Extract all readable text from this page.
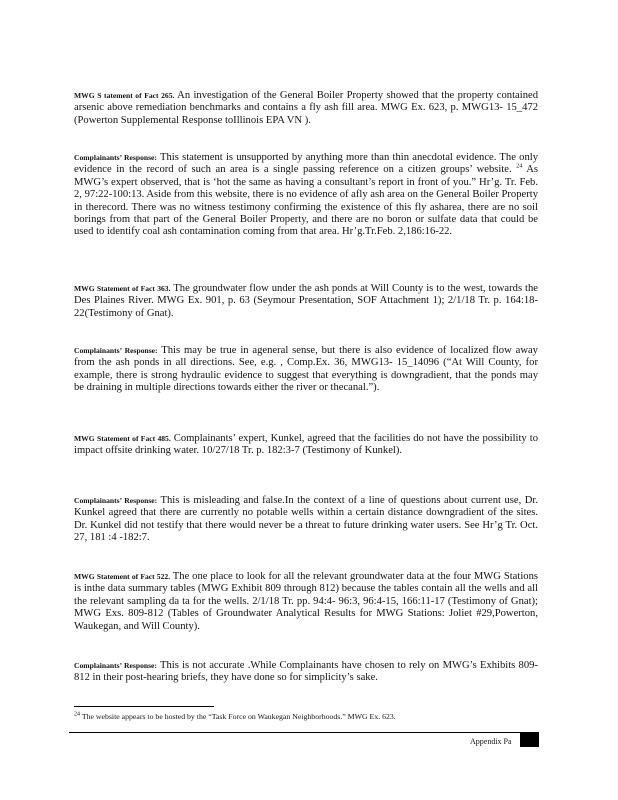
MWG S tatement of Fact 265. An investigation of the General Boiler Property showed that the property contained arsenic above remediation benchmarks and contains a fly ash fill area. MWG Ex. 623, p. MWG13- 15_472 (Powerton Supplemental Response toIllinois EPA VN ).
Complainants’ Response: This statement is unsupported by anything more than thin anecdotal evidence. The only evidence in the record of such an area is a single passing reference on a citizen groups’ website. $^{24}$ As MWG’s expert observed, that is ‘hot the same as having a consultant’s report in front of you.” Hr’g. Tr. Feb. 2, 97:22-100:13. Aside from this website, there is no evidence of afly ash area on the General Boiler Property in therecord. There was no witness testimony confirming the existence of this fly asharea, there are no soil borings from that part of the General Boiler Property, and there are no boron or sulfate data that could be used to identify coal ash contamination coming from that area. Hr’g.Tr.Feb. 2,186:16-22.
MWG Statement of Fact 363. The groundwater flow under the ash ponds at Will County is to the west, towards the Des Plaines River. MWG Ex. 901, p. 63 (Seymour Presentation, SOF Attachment 1); 2/1/18 Tr. p. 164:18- 22(Testimony of Gnat).
Complainants’ Response: This may be true in ageneral sense, but there is also evidence of localized flow away from the ash ponds in all directions. See, e.g. , Comp.Ex. 36, MWG13- 15_14096 (“At Will County, for example, there is strong hydraulic evidence to suggest that everything is downgradient, that the ponds may be draining in multiple directions towards either the river or thecanal.”).
MWG Statement of Fact 485. Complainants’ expert, Kunkel, agreed that the facilities do not have the possibility to impact offsite drinking water. 10/27/18 Tr. p. 182:3-7 (Testimony of Kunkel).
Complainants’ Response: This is misleading and false.In the context of a line of questions about current use, Dr. Kunkel agreed that there are currently no potable wells within a certain distance downgradient of the sites. Dr. Kunkel did not testify that there would never be a threat to future drinking water users. See Hr’g Tr. Oct. 27, 181 :4 -182:7.
MWG Statement of Fact 522. The one place to look for all the relevant groundwater data at the four MWG Stations is inthe data summary tables (MWG Exhibit 809 through 812) because the tables contain all the wells and all the relevant sampling da ta for the wells. 2/1/18 Tr. pp. 94:4- 96:3, 96:4-15, 166:11-17 (Testimony of Gnat); MWG Exs. 809-812 (Tables of Groundwater Analytical Results for MWG Stations: Joliet #29,Powerton, Waukegan, and Will County).
Complainants’ Response: This is not accurate .While Complainants have chosen to rely on MWG’s Exhibits 809-812 in their post-hearing briefs, they have done so for simplicity’s sake.
$^{24}$ The website appears to be hosted by the “Task Force on Waukegan Neighborhoods.” MWG Ex. 623.
Appendix Pa
